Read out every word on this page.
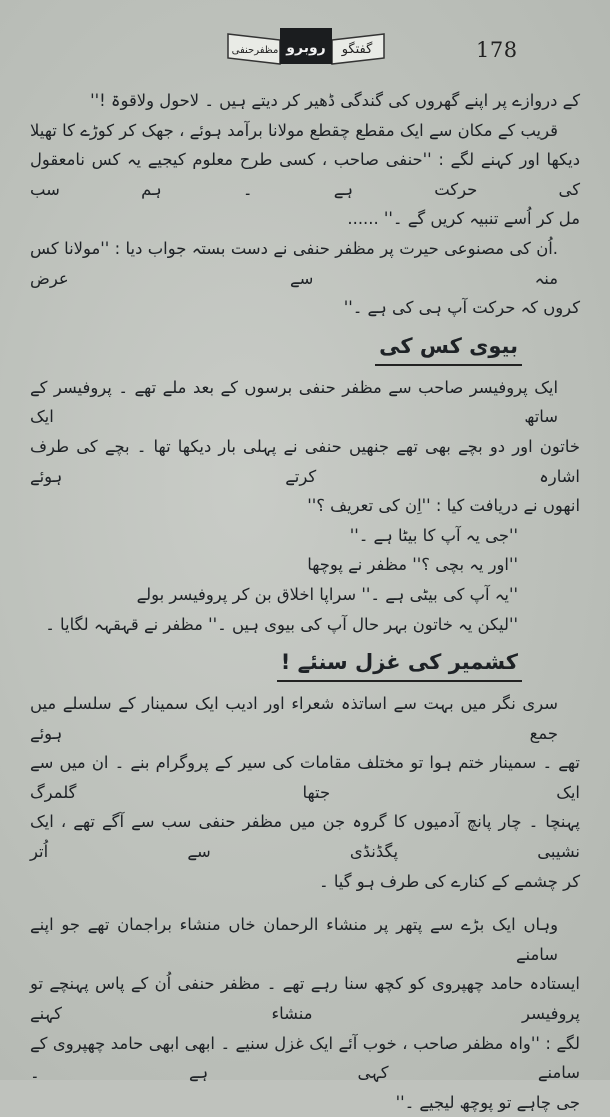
گفتگو
روبرو
مظفرحنفی	178
کے دروازے پر اپنے گھروں کی گندگی ڈھیر کر دیتے ہیں ۔ لاحول ولاقوۃ !''
قریب کے مکان سے ایک مقطع چقطع مولانا برآمد ہوئے ، جھک کر کوڑے کا تھیلا
دیکھا اور کہنے لگے : ''حنفی صاحب ، کسی طرح معلوم کیجیے یہ کس نامعقول کی حرکت ہے ۔ ہم سب
مل کر اُسے تنبیہ کریں گے ۔'' ......
.اُن کی مصنوعی حیرت پر مظفر حنفی نے دست بستہ جواب دیا : ''مولانا کس منہ سے عرض
کروں کہ حرکت آپ ہی کی ہے ۔''
بیوی کس کی
ایک پروفیسر صاحب سے مظفر حنفی برسوں کے بعد ملے تھے ۔ پروفیسر کے ساتھ ایک
خاتون اور دو بچے بھی تھے جنھیں حنفی نے پہلی بار دیکھا تھا ۔ بچے کی طرف اشارہ کرتے ہوئے
انھوں نے دریافت کیا : ''اِن کی تعریف ؟''
''جی یہ آپ کا بیٹا ہے ۔''
''اور یہ بچی ؟'' مظفر نے پوچھا
''یہ آپ کی بیٹی ہے ۔'' سراپا اخلاق بن کر پروفیسر بولے
''لیکن یہ خاتون بہر حال آپ کی بیوی ہیں ۔'' مظفر نے قہقہہ لگایا ۔
کشمیر کی غزل سنئے !
سری نگر میں بہت سے اساتذہ شعراء اور ادیب ایک سمینار کے سلسلے میں جمع ہوئے
تھے ۔ سمینار ختم ہوا تو مختلف مقامات کی سیر کے پروگرام بنے ۔ ان میں سے ایک جتھا گلمرگ
پہنچا ۔ چار پانچ آدمیوں کا گروہ جن میں مظفر حنفی سب سے آگے تھے ، ایک نشیبی پگڈنڈی سے اُتر
کر چشمے کے کنارے کی طرف ہو گیا ۔
وہاں ایک بڑے سے پتھر پر منشاء الرحمان خاں منشاء براجمان تھے جو اپنے سامنے
ایستادہ حامد چھپروی کو کچھ سنا رہے تھے ۔ مظفر حنفی اُن کے پاس پہنچے تو پروفیسر منشاء کہنے
لگے : ''واہ مظفر صاحب ، خوب آئے ایک غزل سنیے ۔ ابھی ابھی حامد چھپروی کے سامنے کہی ہے ۔
جی چاہے تو پوچھ لیجیے ۔''
